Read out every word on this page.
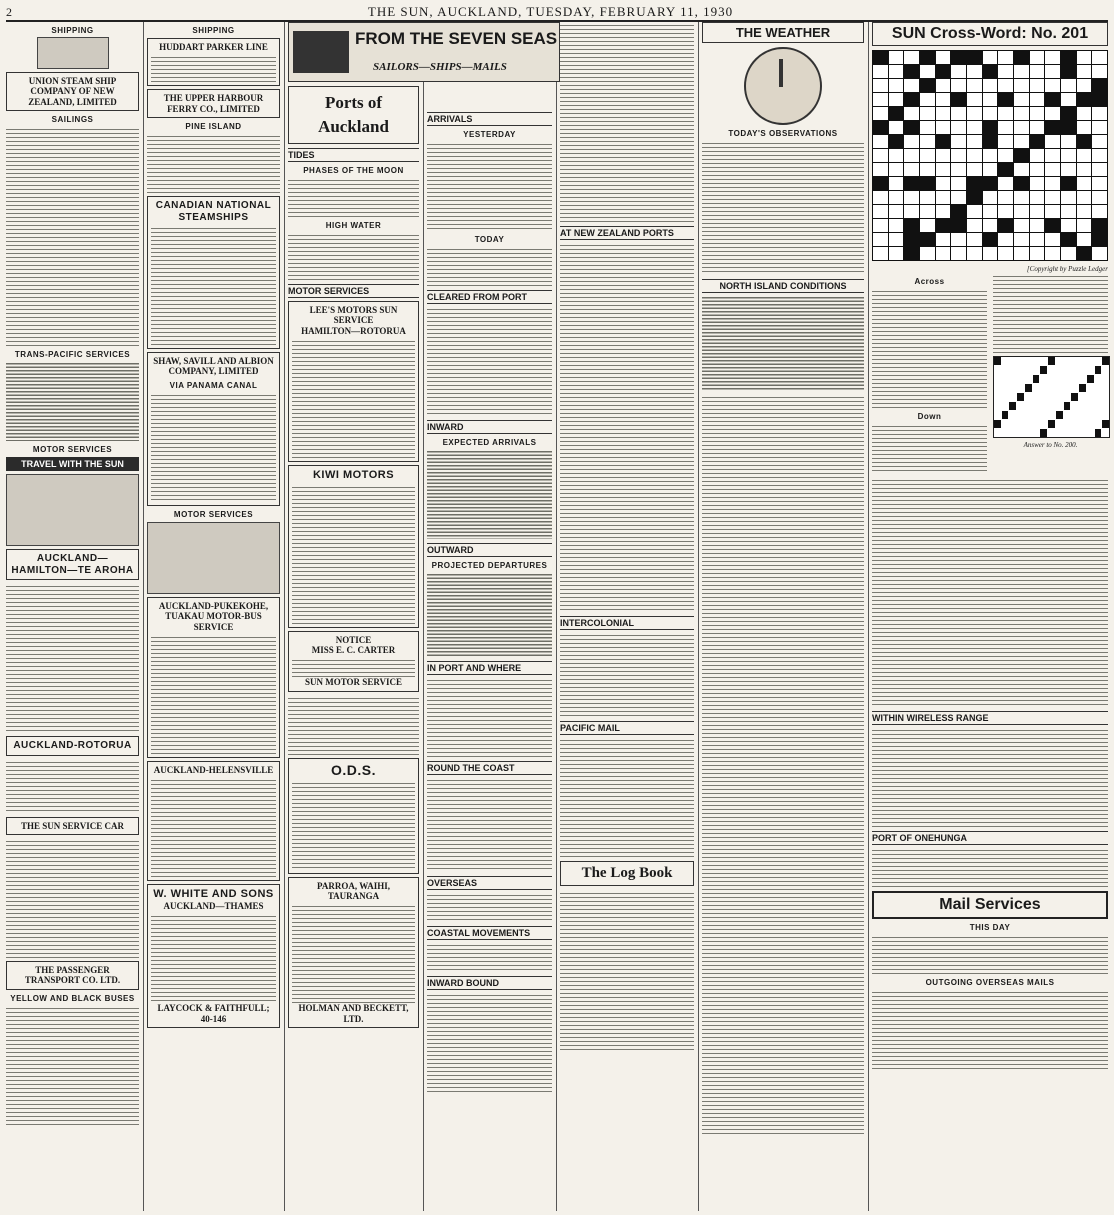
2	THE SUN, AUCKLAND, TUESDAY, FEBRUARY 11, 1930
SHIPPING
UNION STEAM SHIP COMPANY OF NEW ZEALAND, LIMITED
SAILINGS
TRANS-PACIFIC SERVICES
MOTOR SERVICES
TRAVEL WITH THE SUN
AUCKLAND—HAMILTON—TE AROHA
AUCKLAND-ROTORUA
THE SUN SERVICE CAR
THE PASSENGER TRANSPORT CO. LTD.
YELLOW AND BLACK BUSES
SHIPPING
HUDDART PARKER LINE
THE UPPER HARBOUR FERRY CO., LIMITED
PINE ISLAND
CANADIAN NATIONAL STEAMSHIPS
SHAW, SAVILL AND ALBION COMPANY, LIMITED
VIA PANAMA CANAL
MOTOR SERVICES
AUCKLAND-PUKEKOHE, TUAKAU MOTOR-BUS SERVICE
AUCKLAND-HELENSVILLE
W. WHITE AND SONS
AUCKLAND—THAMES
LAYCOCK & FAITHFULL; 40-146
FROM THE SEVEN SEAS
SAILORS—SHIPS—MAILS
Ports of Auckland
TIDES
PHASES OF THE MOON
HIGH WATER
MOTOR SERVICES
LEE'S MOTORS SUN SERVICE
HAMILTON—ROTORUA
KIWI MOTORS
NOTICE
MISS E. C. CARTER
SUN MOTOR SERVICE
O.D.S.
PARROA, WAIHI, TAURANGA
HOLMAN AND BECKETT, LTD.
ARRIVALS
YESTERDAY
TODAY
CLEARED FROM PORT
INWARD
EXPECTED ARRIVALS
OUTWARD
PROJECTED DEPARTURES
IN PORT AND WHERE
ROUND THE COAST
OVERSEAS
COASTAL MOVEMENTS
INWARD BOUND
AT NEW ZEALAND PORTS
INTERCOLONIAL
PACIFIC MAIL
The Log Book
THE WEATHER
TODAY'S OBSERVATIONS
NORTH ISLAND CONDITIONS
SUN Cross-Word: No. 201
[Copyright by Puzzle Ledger
Across
Down
Answer to No. 200.
WITHIN WIRELESS RANGE
PORT OF ONEHUNGA
Mail Services
THIS DAY
OUTGOING OVERSEAS MAILS
